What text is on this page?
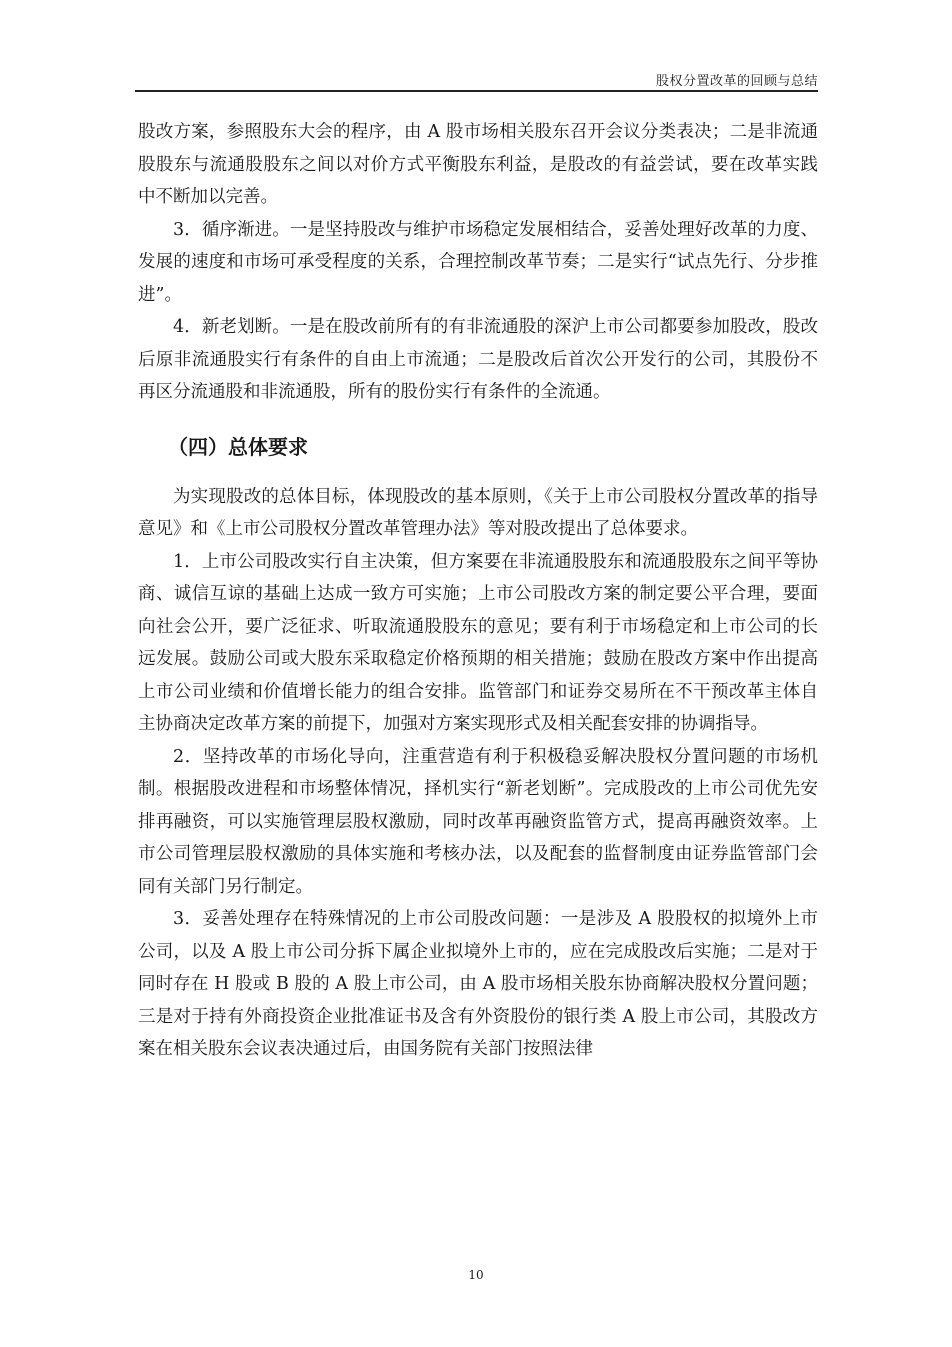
股权分置改革的回顾与总结

股改方案，参照股东大会的程序，由 A 股市场相关股东召开会议分类表决；二是非流通股股东与流通股股东之间以对价方式平衡股东利益，是股改的有益尝试，要在改革实践中不断加以完善。

3．循序渐进。一是坚持股改与维护市场稳定发展相结合，妥善处理好改革的力度、发展的速度和市场可承受程度的关系，合理控制改革节奏；二是实行“试点先行、分步推进”。

4．新老划断。一是在股改前所有的有非流通股的深沪上市公司都要参加股改，股改后原非流通股实行有条件的自由上市流通；二是股改后首次公开发行的公司，其股份不再区分流通股和非流通股，所有的股份实行有条件的全流通。

（四）总体要求

为实现股改的总体目标，体现股改的基本原则，《关于上市公司股权分置改革的指导意见》和《上市公司股权分置改革管理办法》等对股改提出了总体要求。

1．上市公司股改实行自主决策，但方案要在非流通股股东和流通股股东之间平等协商、诚信互谅的基础上达成一致方可实施；上市公司股改方案的制定要公平合理，要面向社会公开，要广泛征求、听取流通股股东的意见；要有利于市场稳定和上市公司的长远发展。鼓励公司或大股东采取稳定价格预期的相关措施；鼓励在股改方案中作出提高上市公司业绩和价值增长能力的组合安排。监管部门和证券交易所在不干预改革主体自主协商决定改革方案的前提下，加强对方案实现形式及相关配套安排的协调指导。

2．坚持改革的市场化导向，注重营造有利于积极稳妥解决股权分置问题的市场机制。根据股改进程和市场整体情况，择机实行“新老划断”。完成股改的上市公司优先安排再融资，可以实施管理层股权激励，同时改革再融资监管方式，提高再融资效率。上市公司管理层股权激励的具体实施和考核办法，以及配套的监督制度由证券监管部门会同有关部门另行制定。

3．妥善处理存在特殊情况的上市公司股改问题：一是涉及 A 股股权的拟境外上市公司，以及 A 股上市公司分拆下属企业拟境外上市的，应在完成股改后实施；二是对于同时存在 H 股或 B 股的 A 股上市公司，由 A 股市场相关股东协商解决股权分置问题；三是对于持有外商投资企业批准证书及含有外资股份的银行类 A 股上市公司，其股改方案在相关股东会议表决通过后，由国务院有关部门按照法律

10
